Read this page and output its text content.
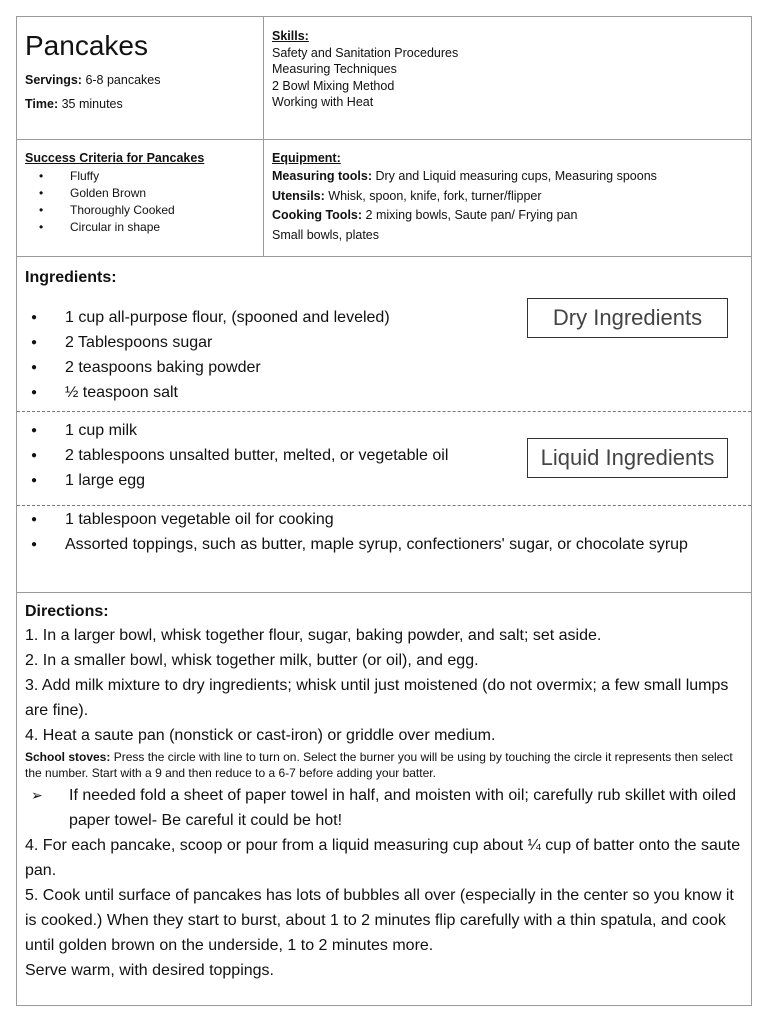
Pancakes
Servings: 6-8 pancakes
Time: 35 minutes
Skills:
Safety and Sanitation Procedures
Measuring Techniques
2 Bowl Mixing Method
Working with Heat
Success Criteria for Pancakes
• Fluffy
• Golden Brown
• Thoroughly Cooked
• Circular in shape
Equipment:
Measuring tools: Dry and Liquid measuring cups, Measuring spoons
Utensils: Whisk, spoon, knife, fork, turner/flipper
Cooking Tools: 2 mixing bowls, Saute pan/ Frying pan
Small bowls, plates
Ingredients:
● 1 cup all-purpose flour, (spooned and leveled)
● 2 Tablespoons sugar
● 2 teaspoons baking powder
● ½ teaspoon salt
Dry Ingredients
● 1 cup milk
● 2 tablespoons unsalted butter, melted, or vegetable oil
● 1 large egg
Liquid Ingredients
● 1 tablespoon vegetable oil for cooking
● Assorted toppings, such as butter, maple syrup, confectioners' sugar, or chocolate syrup
Directions:
1. In a larger bowl, whisk together flour, sugar, baking powder, and salt; set aside.
2. In a smaller bowl, whisk together milk, butter (or oil), and egg.
3. Add milk mixture to dry ingredients; whisk until just moistened (do not overmix; a few small lumps are fine).
4. Heat a saute pan (nonstick or cast-iron) or griddle over medium.
School stoves: Press the circle with line to turn on. Select the burner you will be using by touching the circle it represents then select the number. Start with a 9 and then reduce to a 6-7 before adding your batter.
➢ If needed fold a sheet of paper towel in half, and moisten with oil; carefully rub skillet with oiled paper towel- Be careful it could be hot!
4. For each pancake, scoop or pour from a liquid measuring cup about ¼ cup of batter onto the saute pan.
5. Cook until surface of pancakes has lots of bubbles all over (especially in the center so you know it is cooked.) When they start to burst, about 1 to 2 minutes flip carefully with a thin spatula, and cook until golden brown on the underside, 1 to 2 minutes more.
Serve warm, with desired toppings.
